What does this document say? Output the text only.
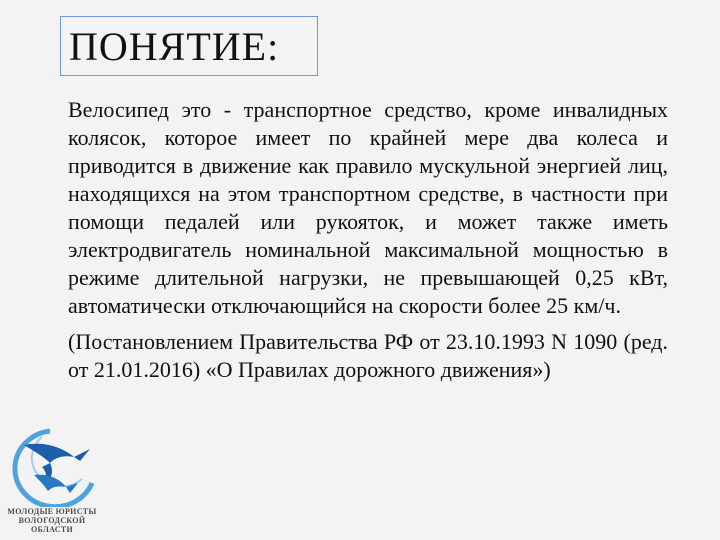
ПОНЯТИЕ:

Велосипед это - транспортное средство, кроме инвалидных колясок, которое имеет по крайней мере два колеса и приводится в движение как правило мускульной энергией лиц, находящихся на этом транспортном средстве, в частности при помощи педалей или рукояток, и может также иметь электродвигатель номинальной максимальной мощностью в режиме длительной нагрузки, не превышающей 0,25 кВт, автоматически отключающийся на скорости более 25 км/ч.

(Постановлением Правительства РФ от 23.10.1993 N 1090 (ред. от 21.01.2016) «О Правилах дорожного движения»)

МОЛОДЫЕ ЮРИСТЫ
ВОЛОГОДСКОЙ
ОБЛАСТИ
